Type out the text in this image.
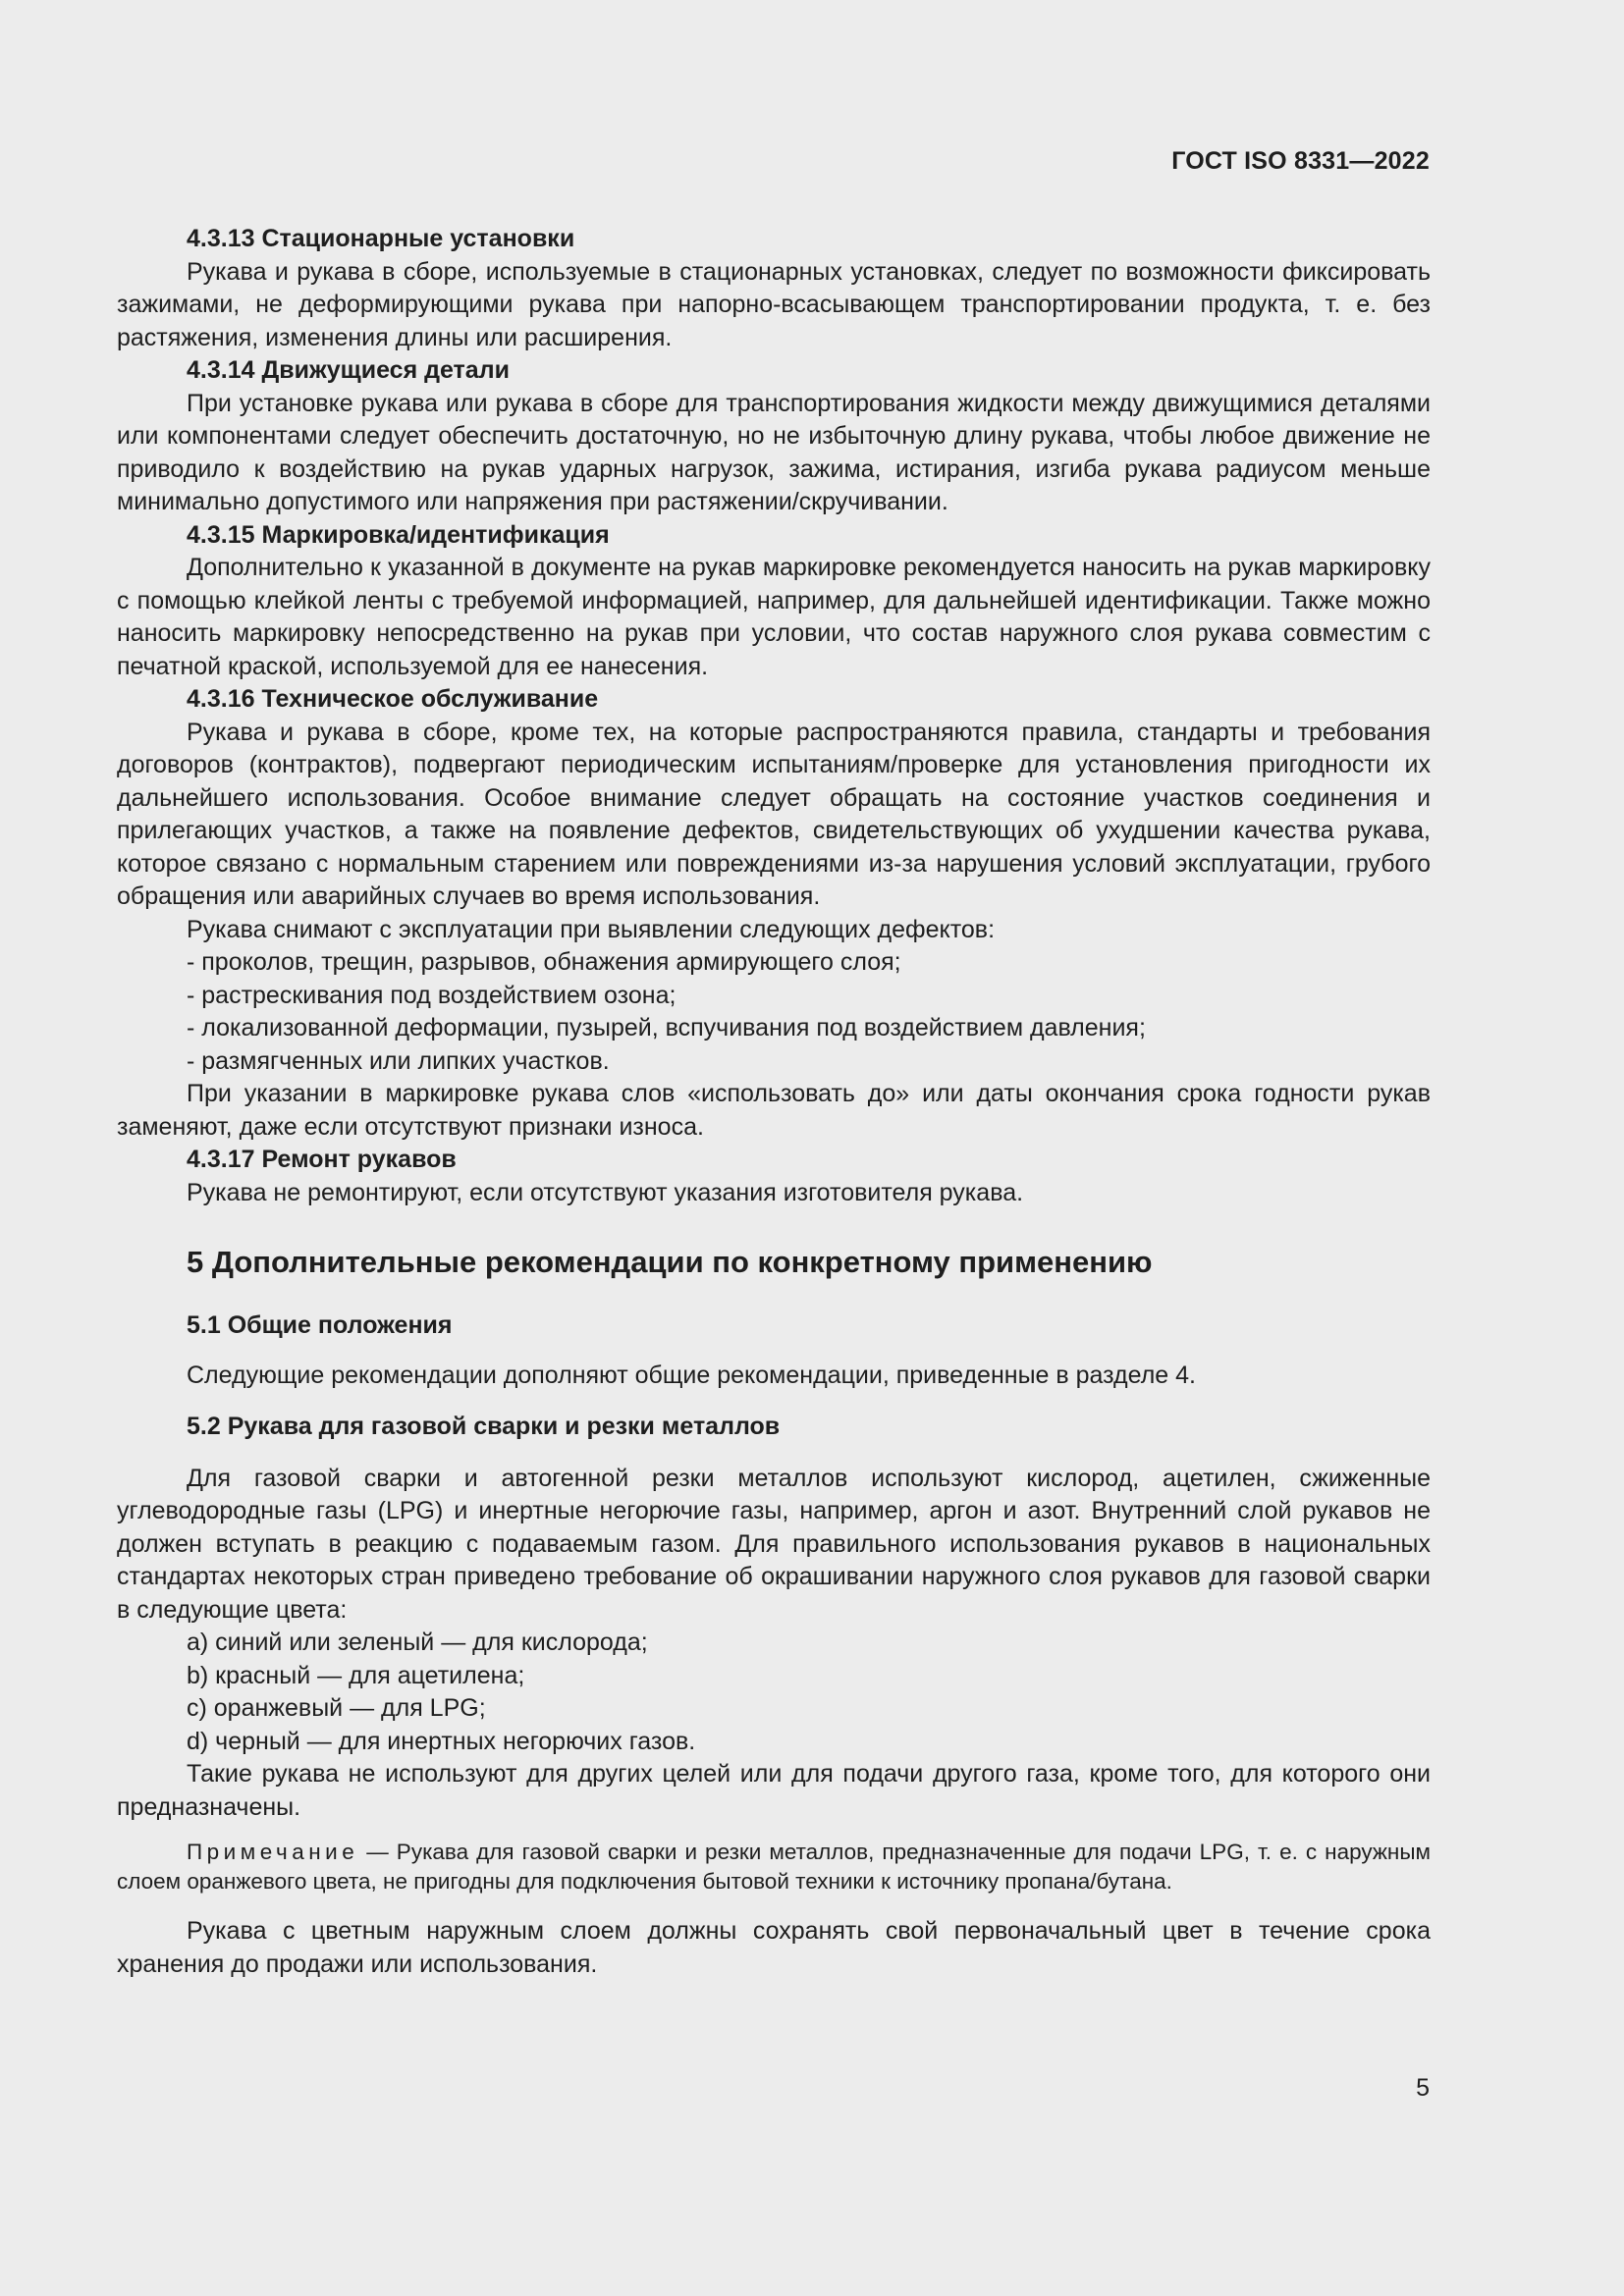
ГОСТ ISO 8331—2022

4.3.13 Стационарные установки

Рукава и рукава в сборе, используемые в стационарных установках, следует по возможности фиксировать зажимами, не деформирующими рукава при напорно-всасывающем транспортировании продукта, т. е. без растяжения, изменения длины или расширения.

4.3.14 Движущиеся детали

При установке рукава или рукава в сборе для транспортирования жидкости между движущимися деталями или компонентами следует обеспечить достаточную, но не избыточную длину рукава, чтобы любое движение не приводило к воздействию на рукав ударных нагрузок, зажима, истирания, изгиба рукава радиусом меньше минимально допустимого или напряжения при растяжении/скручивании.

4.3.15 Маркировка/идентификация

Дополнительно к указанной в документе на рукав маркировке рекомендуется наносить на рукав маркировку с помощью клейкой ленты с требуемой информацией, например, для дальнейшей идентификации. Также можно наносить маркировку непосредственно на рукав при условии, что состав наружного слоя рукава совместим с печатной краской, используемой для ее нанесения.

4.3.16 Техническое обслуживание

Рукава и рукава в сборе, кроме тех, на которые распространяются правила, стандарты и требования договоров (контрактов), подвергают периодическим испытаниям/проверке для установления пригодности их дальнейшего использования. Особое внимание следует обращать на состояние участков соединения и прилегающих участков, а также на появление дефектов, свидетельствующих об ухудшении качества рукава, которое связано с нормальным старением или повреждениями из-за нарушения условий эксплуатации, грубого обращения или аварийных случаев во время использования.

Рукава снимают с эксплуатации при выявлении следующих дефектов:

- проколов, трещин, разрывов, обнажения армирующего слоя;

- растрескивания под воздействием озона;

- локализованной деформации, пузырей, вспучивания под воздействием давления;

- размягченных или липких участков.

При указании в маркировке рукава слов «использовать до» или даты окончания срока годности рукав заменяют, даже если отсутствуют признаки износа.

4.3.17 Ремонт рукавов

Рукава не ремонтируют, если отсутствуют указания изготовителя рукава.

5 Дополнительные рекомендации по конкретному применению

5.1 Общие положения

Следующие рекомендации дополняют общие рекомендации, приведенные в разделе 4.

5.2 Рукава для газовой сварки и резки металлов

Для газовой сварки и автогенной резки металлов используют кислород, ацетилен, сжиженные углеводородные газы (LPG) и инертные негорючие газы, например, аргон и азот. Внутренний слой рукавов не должен вступать в реакцию с подаваемым газом. Для правильного использования рукавов в национальных стандартах некоторых стран приведено требование об окрашивании наружного слоя рукавов для газовой сварки в следующие цвета:

a) синий или зеленый — для кислорода;

b) красный — для ацетилена;

c) оранжевый — для LPG;

d) черный — для инертных негорючих газов.

Такие рукава не используют для других целей или для подачи другого газа, кроме того, для которого они предназначены.

Примечание — Рукава для газовой сварки и резки металлов, предназначенные для подачи LPG, т. е. с наружным слоем оранжевого цвета, не пригодны для подключения бытовой техники к источнику пропана/бутана.

Рукава с цветным наружным слоем должны сохранять свой первоначальный цвет в течение срока хранения до продажи или использования.

5
